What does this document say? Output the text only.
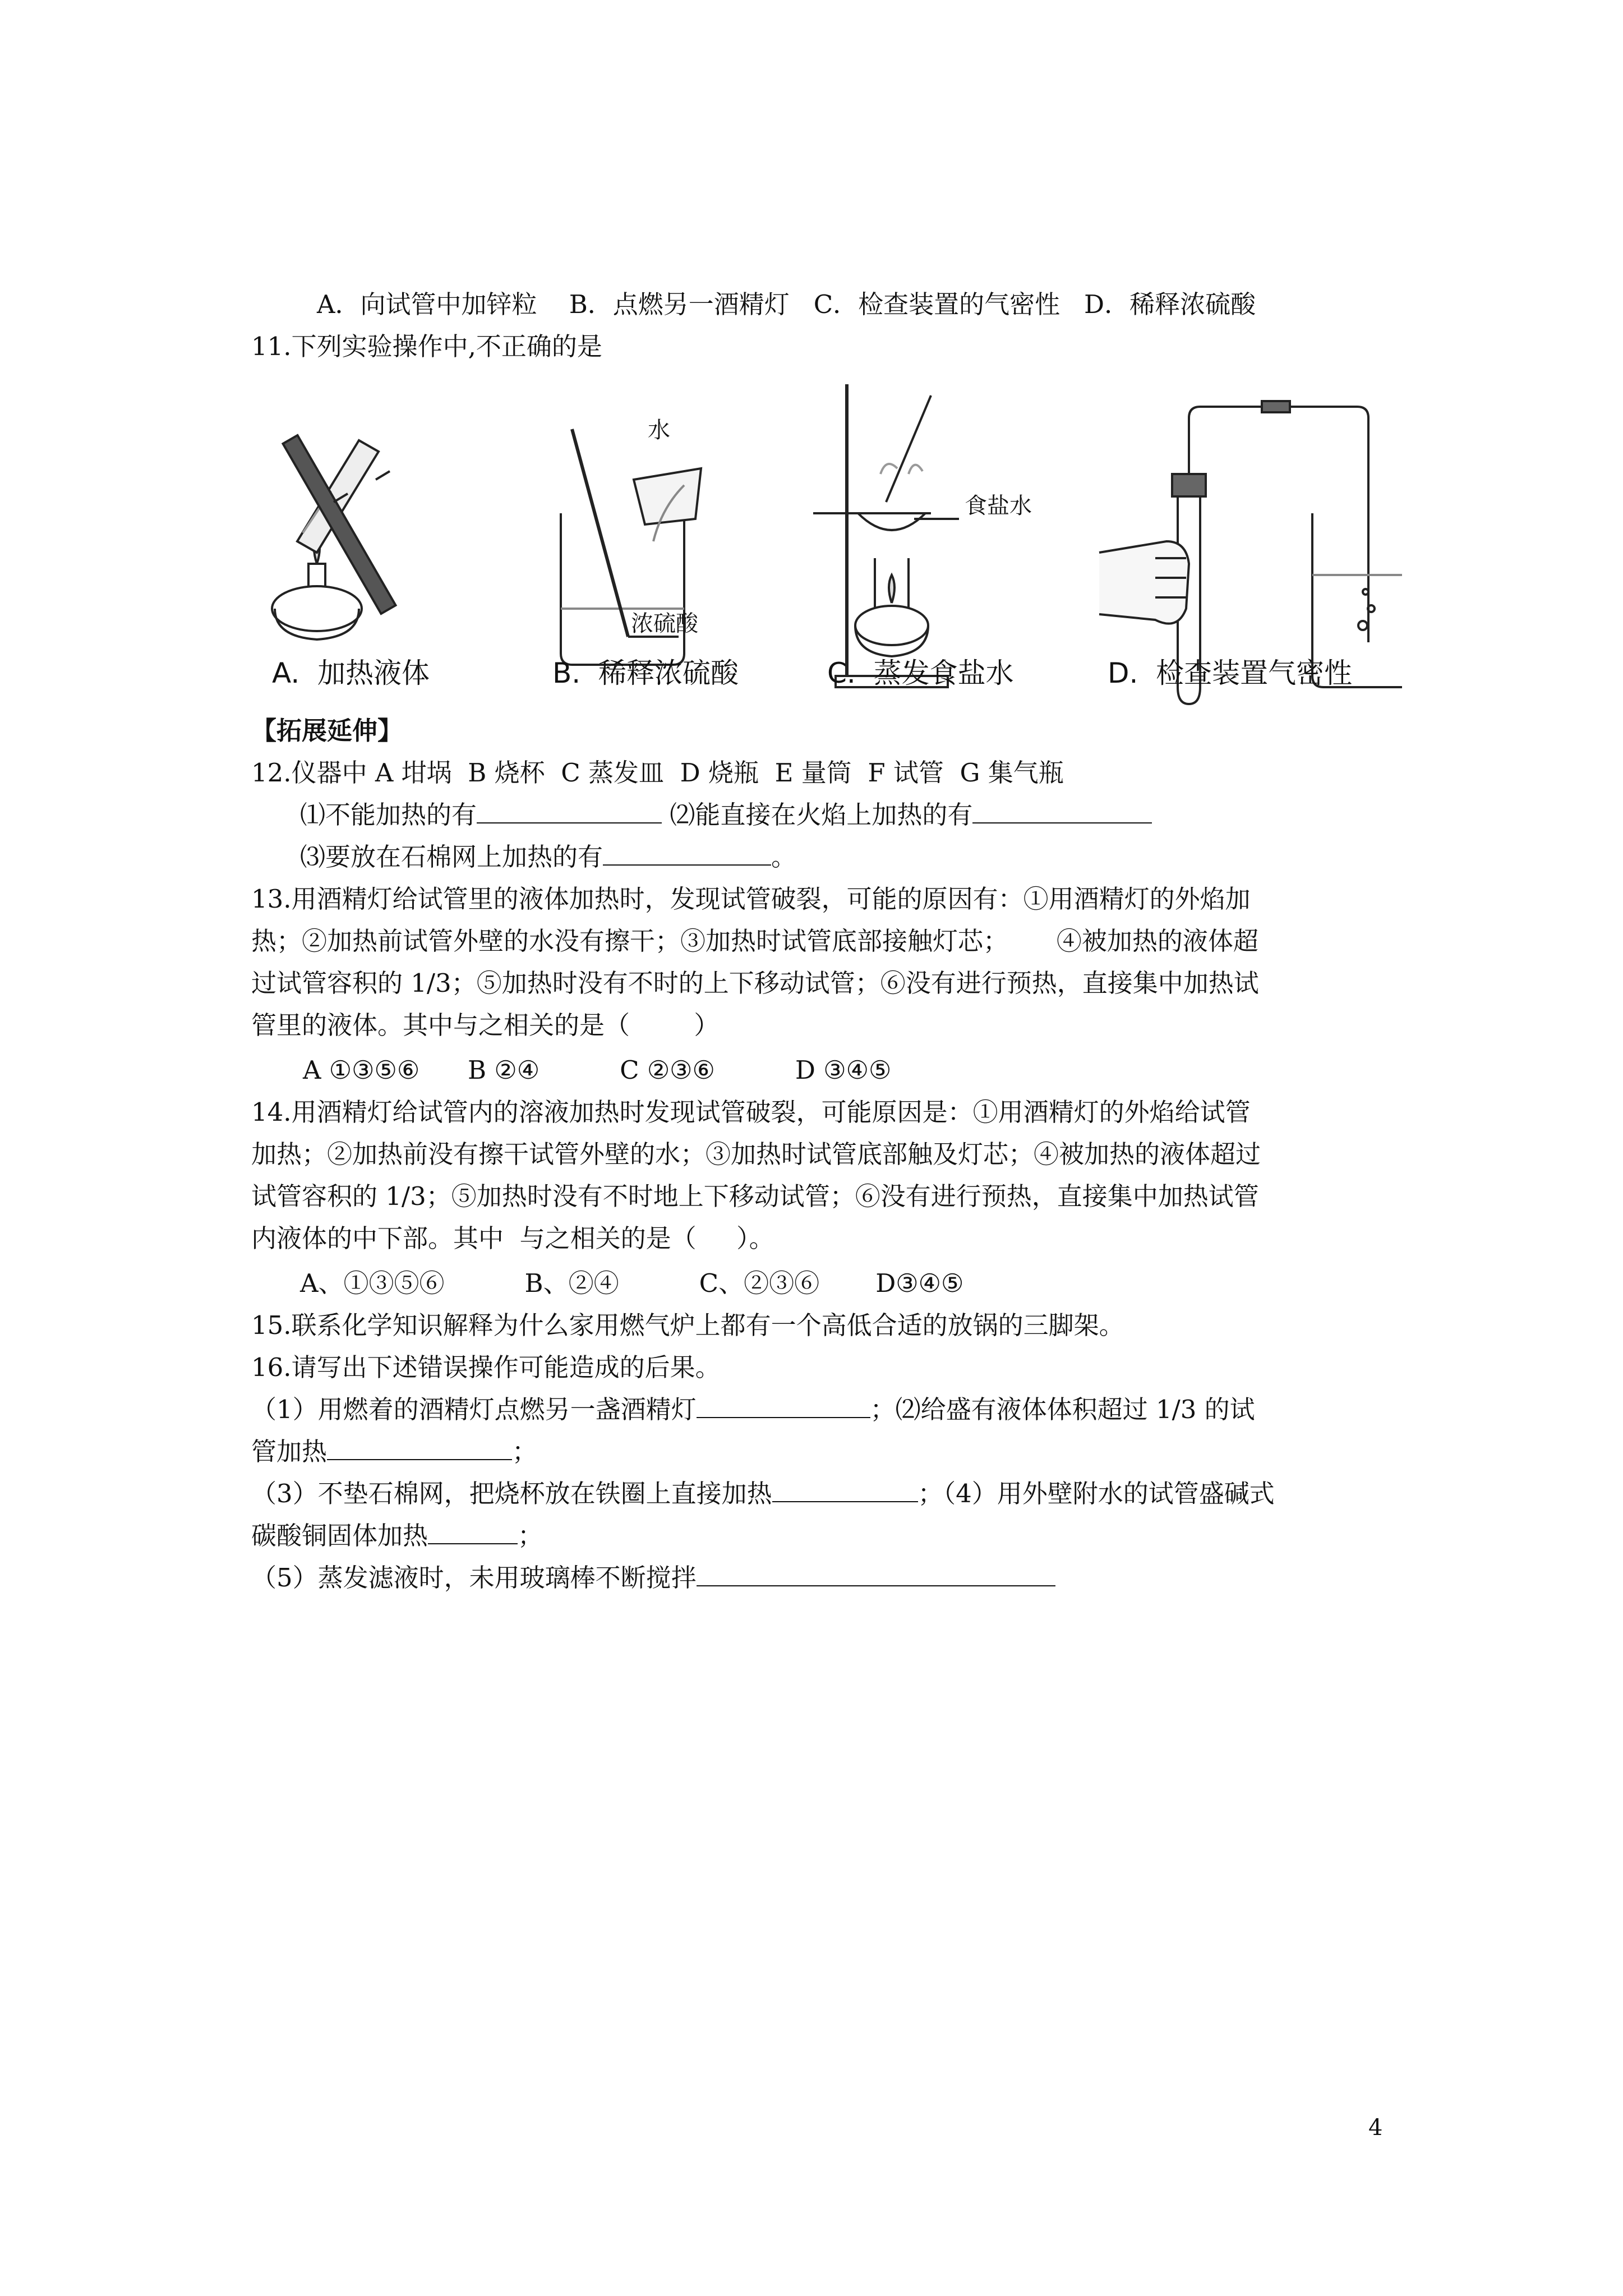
A．向试管中加锌粒    B．点燃另一酒精灯   C．检查装置的气密性   D．稀释浓硫酸
11.下列实验操作中,不正确的是
水
浓硫酸
食盐水
A.  加热液体	B.  稀释浓硫酸	C.  蒸发食盐水	D.  检查装置气密性
【拓展延伸】
12.仪器中 A 坩埚  B 烧杯  C 蒸发皿  D 烧瓶  E 量筒  F 试管  G 集气瓶
⑴不能加热的有	⑵能直接在火焰上加热的有
⑶要放在石棉网上加热的有	。
13.用酒精灯给试管里的液体加热时，发现试管破裂，可能的原因有：①用酒精灯的外焰加
热；②加热前试管外壁的水没有擦干；③加热时试管底部接触灯芯；      ④被加热的液体超
过试管容积的 1/3；⑤加热时没有不时的上下移动试管；⑥没有进行预热，直接集中加热试
管里的液体。其中与之相关的是（        ）
A ①③⑤⑥      B ②④          C ②③⑥          D ③④⑤
14.用酒精灯给试管内的溶液加热时发现试管破裂，可能原因是：①用酒精灯的外焰给试管
加热；②加热前没有擦干试管外壁的水；③加热时试管底部触及灯芯；④被加热的液体超过
试管容积的 1/3；⑤加热时没有不时地上下移动试管；⑥没有进行预热，直接集中加热试管
内液体的中下部。其中  与之相关的是（     ）。
A、①③⑤⑥          B、②④          C、②③⑥       D③④⑤
15.联系化学知识解释为什么家用燃气炉上都有一个高低合适的放锅的三脚架。
16.请写出下述错误操作可能造成的后果。
（1）用燃着的酒精灯点燃另一盏酒精灯	；⑵给盛有液体体积超过 1/3 的试
管加热	；
（3）不垫石棉网，把烧杯放在铁圈上直接加热	；（4）用外壁附水的试管盛碱式
碳酸铜固体加热	；
（5）蒸发滤液时，未用玻璃棒不断搅拌
4
